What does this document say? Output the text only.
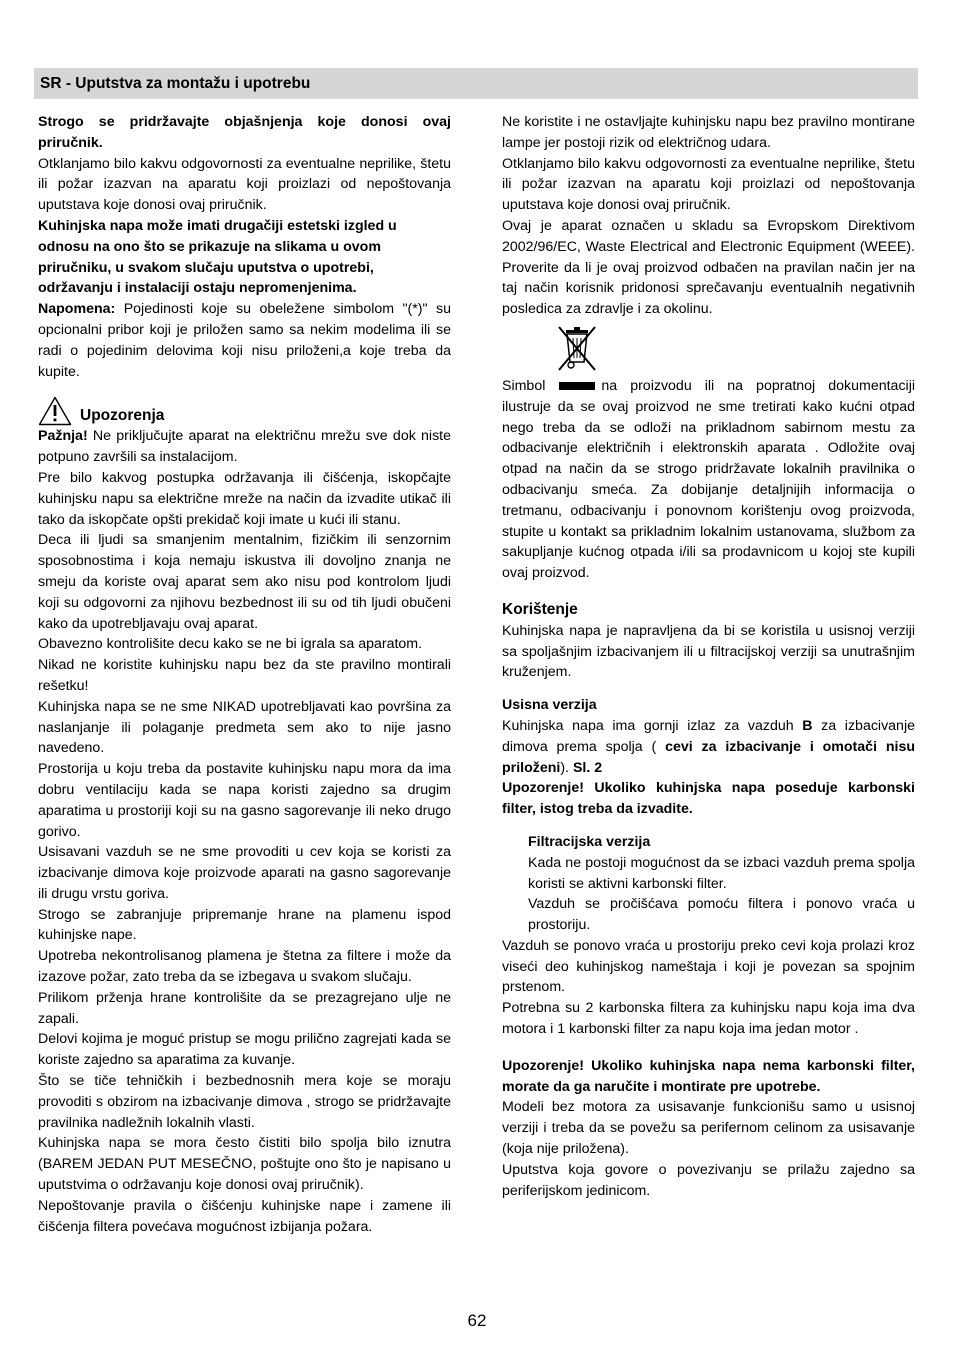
SR - Uputstva za montažu i upotrebu

Strogo se pridržavajte objašnjenja koje donosi ovaj priručnik.

Otklanjamo bilo kakvu odgovornosti za eventualne neprilike, štetu ili požar izazvan na aparatu koji proizlazi od nepoštovanja uputstava koje donosi ovaj priručnik.

Kuhinjska napa može imati drugačiji estetski izgled u odnosu na ono što se prikazuje na slikama u ovom priručniku, u svakom slučaju uputstva o upotrebi, održavanju i instalaciji ostaju nepromenjenima.

Napomena: Pojedinosti koje su obeležene simbolom "(*)" su opcionalni pribor koji je priložen samo sa nekim modelima ili se radi o pojedinim delovima koji nisu priloženi,a koje treba da kupite.

Upozorenja

Pažnja! Ne priključujte aparat na električnu mrežu sve dok niste potpuno završili sa instalacijom.

Pre bilo kakvog postupka održavanja ili čišćenja, iskopčajte kuhinjsku napu sa električne mreže na način da izvadite utikač ili tako da iskopčate opšti prekidač koji imate u kući ili stanu.

Deca ili ljudi sa smanjenim mentalnim, fizičkim ili senzornim sposobnostima i koja nemaju iskustva ili dovoljno znanja ne smeju da koriste ovaj aparat sem ako nisu pod kontrolom ljudi koji su odgovorni za njihovu bezbednost ili su od tih ljudi obučeni kako da upotrebljavaju ovaj aparat.

Obavezno kontrolišite decu kako se ne bi igrala sa aparatom.

Nikad ne koristite kuhinjsku napu bez da ste pravilno montirali rešetku!

Kuhinjska napa se ne sme NIKAD upotrebljavati kao površina za naslanjanje ili polaganje predmeta sem ako to nije jasno navedeno.

Prostorija u koju treba da postavite kuhinjsku napu mora da ima dobru ventilaciju kada se napa koristi zajedno sa drugim aparatima u prostoriji koji su na gasno sagorevanje ili neko drugo gorivo.

Usisavani vazduh se ne sme provoditi u cev koja se koristi za izbacivanje dimova koje proizvode aparati na gasno sagorevanje ili drugu vrstu goriva.

Strogo se zabranjuje pripremanje hrane na plamenu ispod kuhinjske nape.

Upotreba nekontrolisanog plamena je štetna za filtere i može da izazove požar, zato treba da se izbegava u svakom slučaju.

Prilikom prženja hrane kontrolišite da se prezagrejano ulje ne zapali.

Delovi kojima je moguć pristup se mogu prilično zagrejati kada se koriste zajedno sa aparatima za kuvanje.

Što se tiče tehničkih i bezbednosnih mera koje se moraju provoditi s obzirom na izbacivanje dimova , strogo se pridržavajte pravilnika nadležnih lokalnih vlasti.

Kuhinjska napa se mora često čistiti bilo spolja bilo iznutra (BAREM JEDAN PUT MESEČNO, poštujte ono što je napisano u uputstvima o održavanju koje donosi ovaj priručnik).

Nepoštovanje pravila o čišćenju kuhinjske nape i zamene ili čišćenja filtera povećava mogućnost izbijanja požara.

Ne koristite i ne ostavljajte kuhinjsku napu bez pravilno montirane lampe jer postoji rizik od električnog udara.

Otklanjamo bilo kakvu odgovornosti za eventualne neprilike, štetu ili požar izazvan na aparatu koji proizlazi od nepoštovanja uputstava koje donosi ovaj priručnik.

Ovaj je aparat označen u skladu sa Evropskom Direktivom 2002/96/EC, Waste Electrical and Electronic Equipment (WEEE). Proverite da li je ovaj proizvod odbačen na pravilan način jer na taj način korisnik pridonosi sprečavanju eventualnih negativnih posledica za zdravlje i za okolinu.

Simbol	na proizvodu ili na popratnoj dokumentaciji ilustruje da se ovaj proizvod ne sme tretirati kako kućni otpad nego treba da se odloži na prikladnom sabirnom mestu za odbacivanje električnih i elektronskih aparata . Odložite ovaj otpad na način da se strogo pridržavate lokalnih pravilnika o odbacivanju smeća. Za dobijanje detaljnijih informacija o tretmanu, odbacivanju i ponovnom korištenju ovog proizvoda, stupite u kontakt sa prikladnim lokalnim ustanovama, službom za sakupljanje kućnog otpada i/ili sa prodavnicom u kojoj ste kupili ovaj proizvod.

Korištenje

Kuhinjska napa je napravljena da bi se koristila u usisnoj verziji sa spoljašnjim izbacivanjem ili u filtracijskoj verziji sa unutrašnjim kruženjem.

Usisna verzija

Kuhinjska napa ima gornji izlaz za vazduh B za izbacivanje dimova prema spolja ( cevi za izbacivanje i omotači nisu priloženi). Sl. 2

Upozorenje! Ukoliko kuhinjska napa poseduje karbonski filter, istog treba da izvadite.

Filtracijska verzija

Kada ne postoji mogućnost da se izbaci vazduh prema spolja koristi se aktivni karbonski filter.

Vazduh se pročišćava pomoću filtera i ponovo vraća u prostoriju.

Vazduh se ponovo vraća u prostoriju preko cevi koja prolazi kroz viseći deo kuhinjskog nameštaja i koji je povezan sa spojnim prstenom.

Potrebna su 2 karbonska filtera za kuhinjsku napu koja ima dva motora i 1 karbonski filter za napu koja ima jedan motor .

Upozorenje! Ukoliko kuhinjska napa nema karbonski filter, morate da ga naručite i montirate pre upotrebe.

Modeli bez motora za usisavanje funkcionišu samo u usisnoj verziji i treba da se povežu sa perifernom celinom za usisavanje (koja nije priložena).

Uputstva koja govore o povezivanju se prilažu zajedno sa periferijskom jedinicom.

62
